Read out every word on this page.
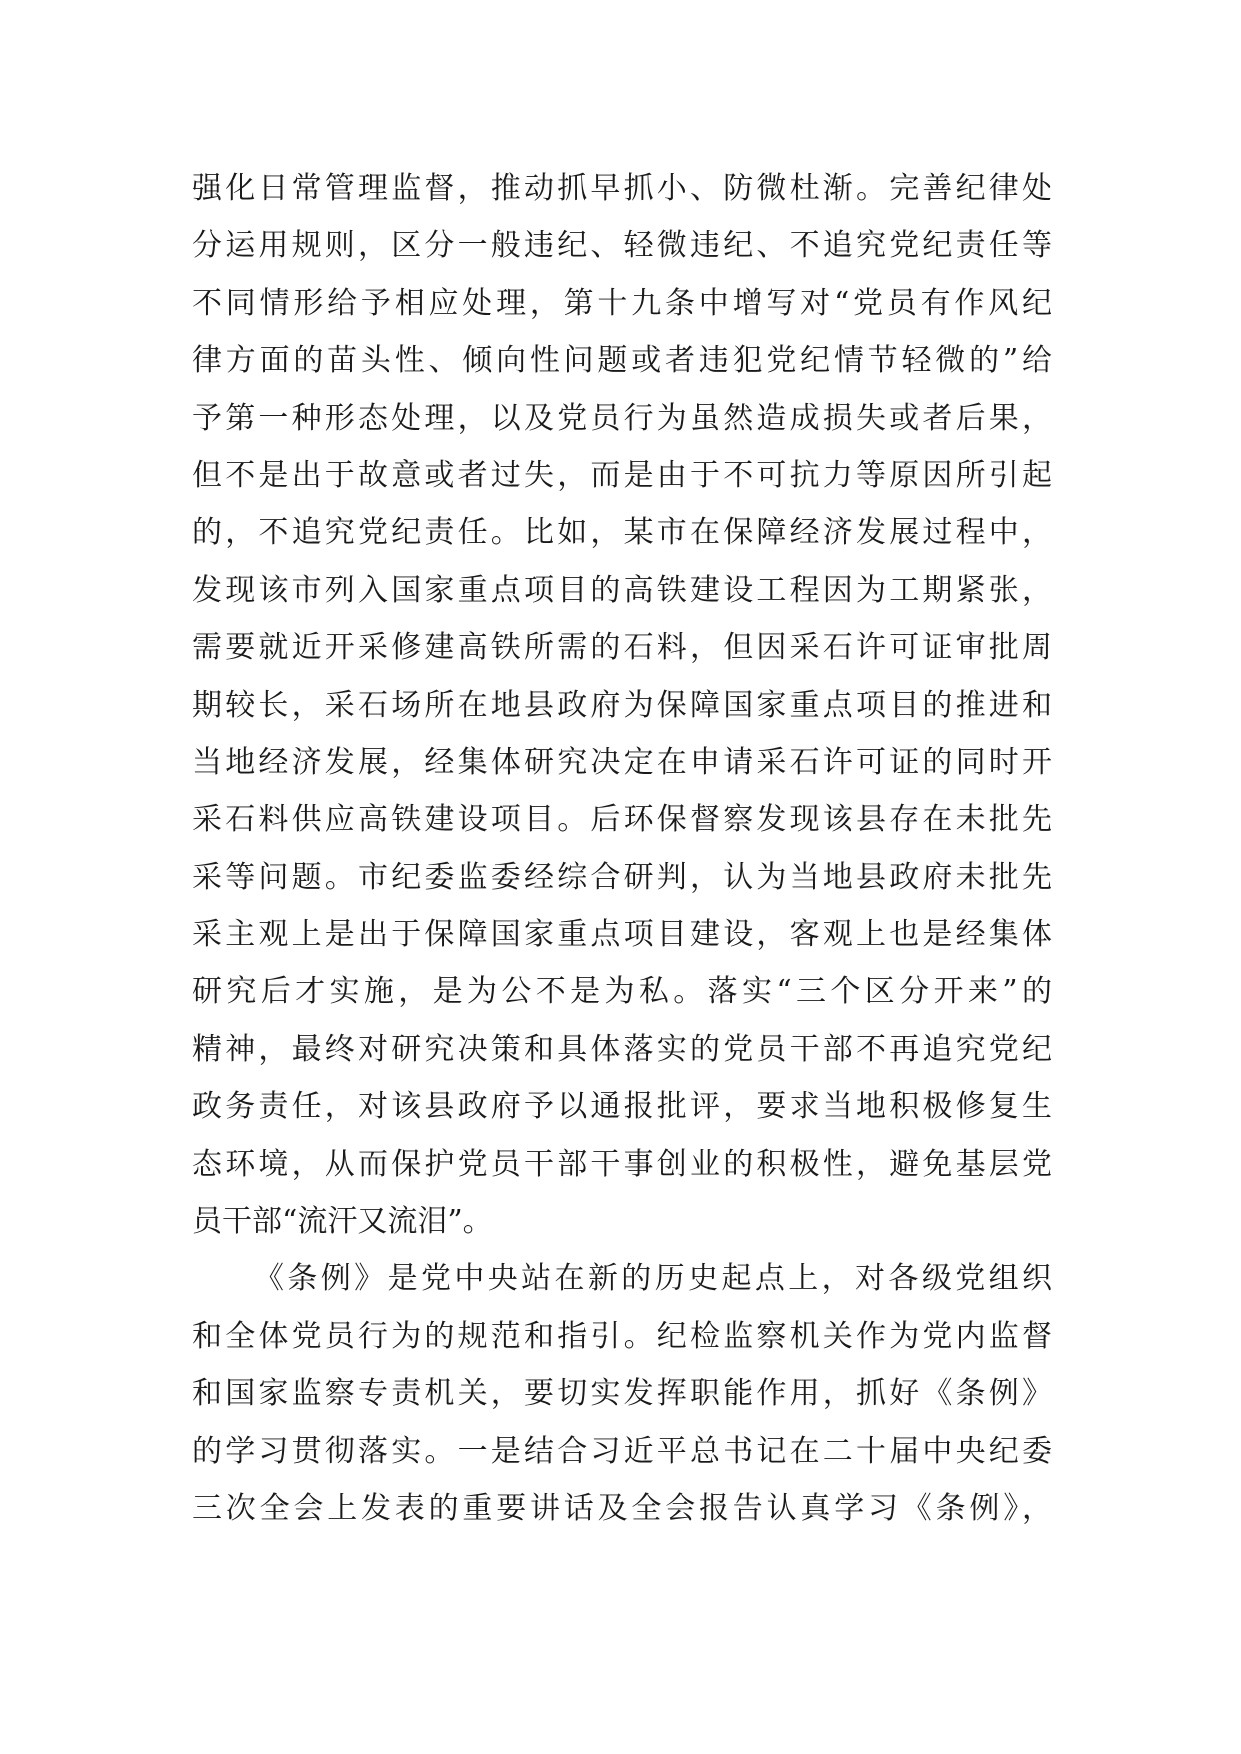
强化日常管理监督，推动抓早抓小、防微杜渐。完善纪律处
分运用规则，区分一般违纪、轻微违纪、不追究党纪责任等
不同情形给予相应处理，第十九条中增写对“党员有作风纪
律方面的苗头性、倾向性问题或者违犯党纪情节轻微的”给
予第一种形态处理，以及党员行为虽然造成损失或者后果，
但不是出于故意或者过失，而是由于不可抗力等原因所引起
的，不追究党纪责任。比如，某市在保障经济发展过程中，
发现该市列入国家重点项目的高铁建设工程因为工期紧张，
需要就近开采修建高铁所需的石料，但因采石许可证审批周
期较长，采石场所在地县政府为保障国家重点项目的推进和
当地经济发展，经集体研究决定在申请采石许可证的同时开
采石料供应高铁建设项目。后环保督察发现该县存在未批先
采等问题。市纪委监委经综合研判，认为当地县政府未批先
采主观上是出于保障国家重点项目建设，客观上也是经集体
研究后才实施，是为公不是为私。落实“三个区分开来”的
精神，最终对研究决策和具体落实的党员干部不再追究党纪
政务责任，对该县政府予以通报批评，要求当地积极修复生
态环境，从而保护党员干部干事创业的积极性，避免基层党
员干部“流汗又流泪”。
《条例》是党中央站在新的历史起点上，对各级党组织
和全体党员行为的规范和指引。纪检监察机关作为党内监督
和国家监察专责机关，要切实发挥职能作用，抓好《条例》
的学习贯彻落实。一是结合习近平总书记在二十届中央纪委
三次全会上发表的重要讲话及全会报告认真学习《条例》，
